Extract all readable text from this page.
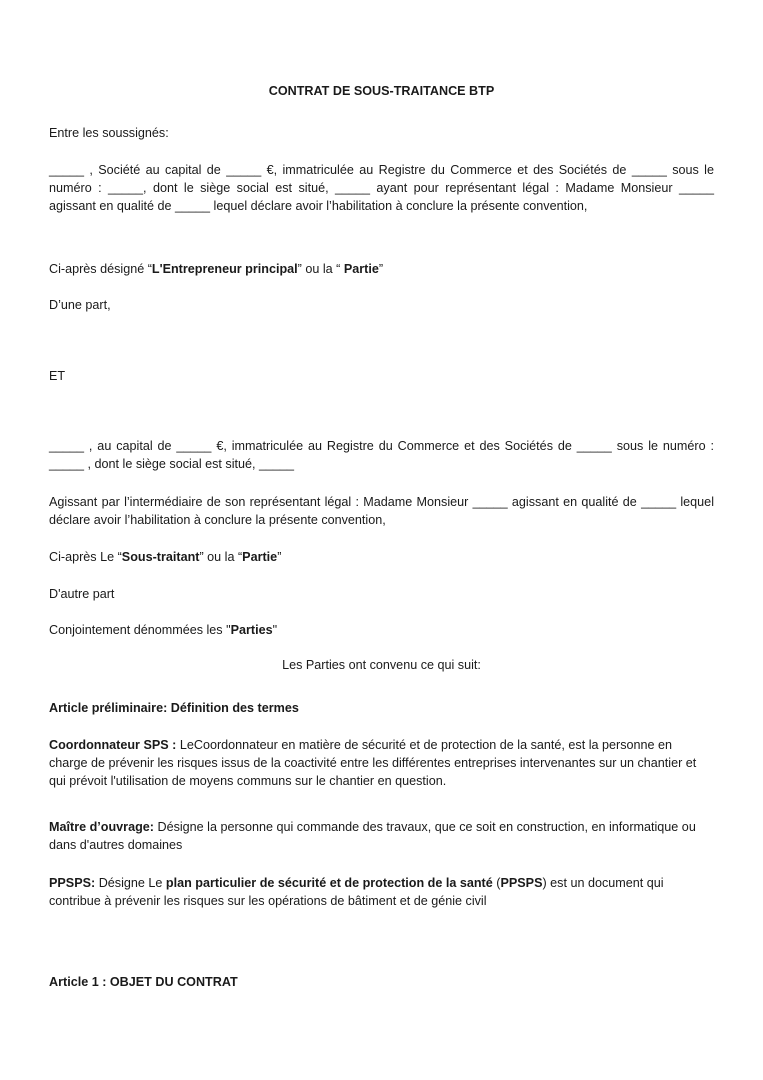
CONTRAT DE SOUS-TRAITANCE BTP

Entre les soussignés:

_____ , Société au capital de _____ €, immatriculée au Registre du Commerce et des Sociétés de _____ sous le numéro : _____, dont le siège social est situé, _____ ayant pour représentant légal : Madame Monsieur _____ agissant en qualité de _____ lequel déclare avoir l’habilitation à conclure la présente convention,

Ci-après désigné “L'Entrepreneur principal” ou la “ Partie”

D’une part,

ET

_____ , au capital de _____ €, immatriculée au Registre du Commerce et des Sociétés de _____ sous le numéro : _____ , dont le siège social est situé, _____

Agissant par l’intermédiaire de son représentant légal : Madame Monsieur _____ agissant en qualité de _____ lequel déclare avoir l’habilitation à conclure la présente convention,

Ci-après Le “Sous-traitant” ou la “Partie”

D'autre part

Conjointement dénommées les "Parties"

Les Parties ont convenu ce qui suit:

Article préliminaire: Définition des termes

Coordonnateur SPS : LeCoordonnateur en matière de sécurité et de protection de la santé, est la personne en charge de prévenir les risques issus de la coactivité entre les différentes entreprises intervenantes sur un chantier et qui prévoit l'utilisation de moyens communs sur le chantier en question.

Maître d’ouvrage: Désigne la personne qui commande des travaux, que ce soit en construction, en informatique ou dans d'autres domaines

PPSPS: Désigne Le plan particulier de sécurité et de protection de la santé (PPSPS) est un document qui contribue à prévenir les risques sur les opérations de bâtiment et de génie civil

Article 1 : OBJET DU CONTRAT
